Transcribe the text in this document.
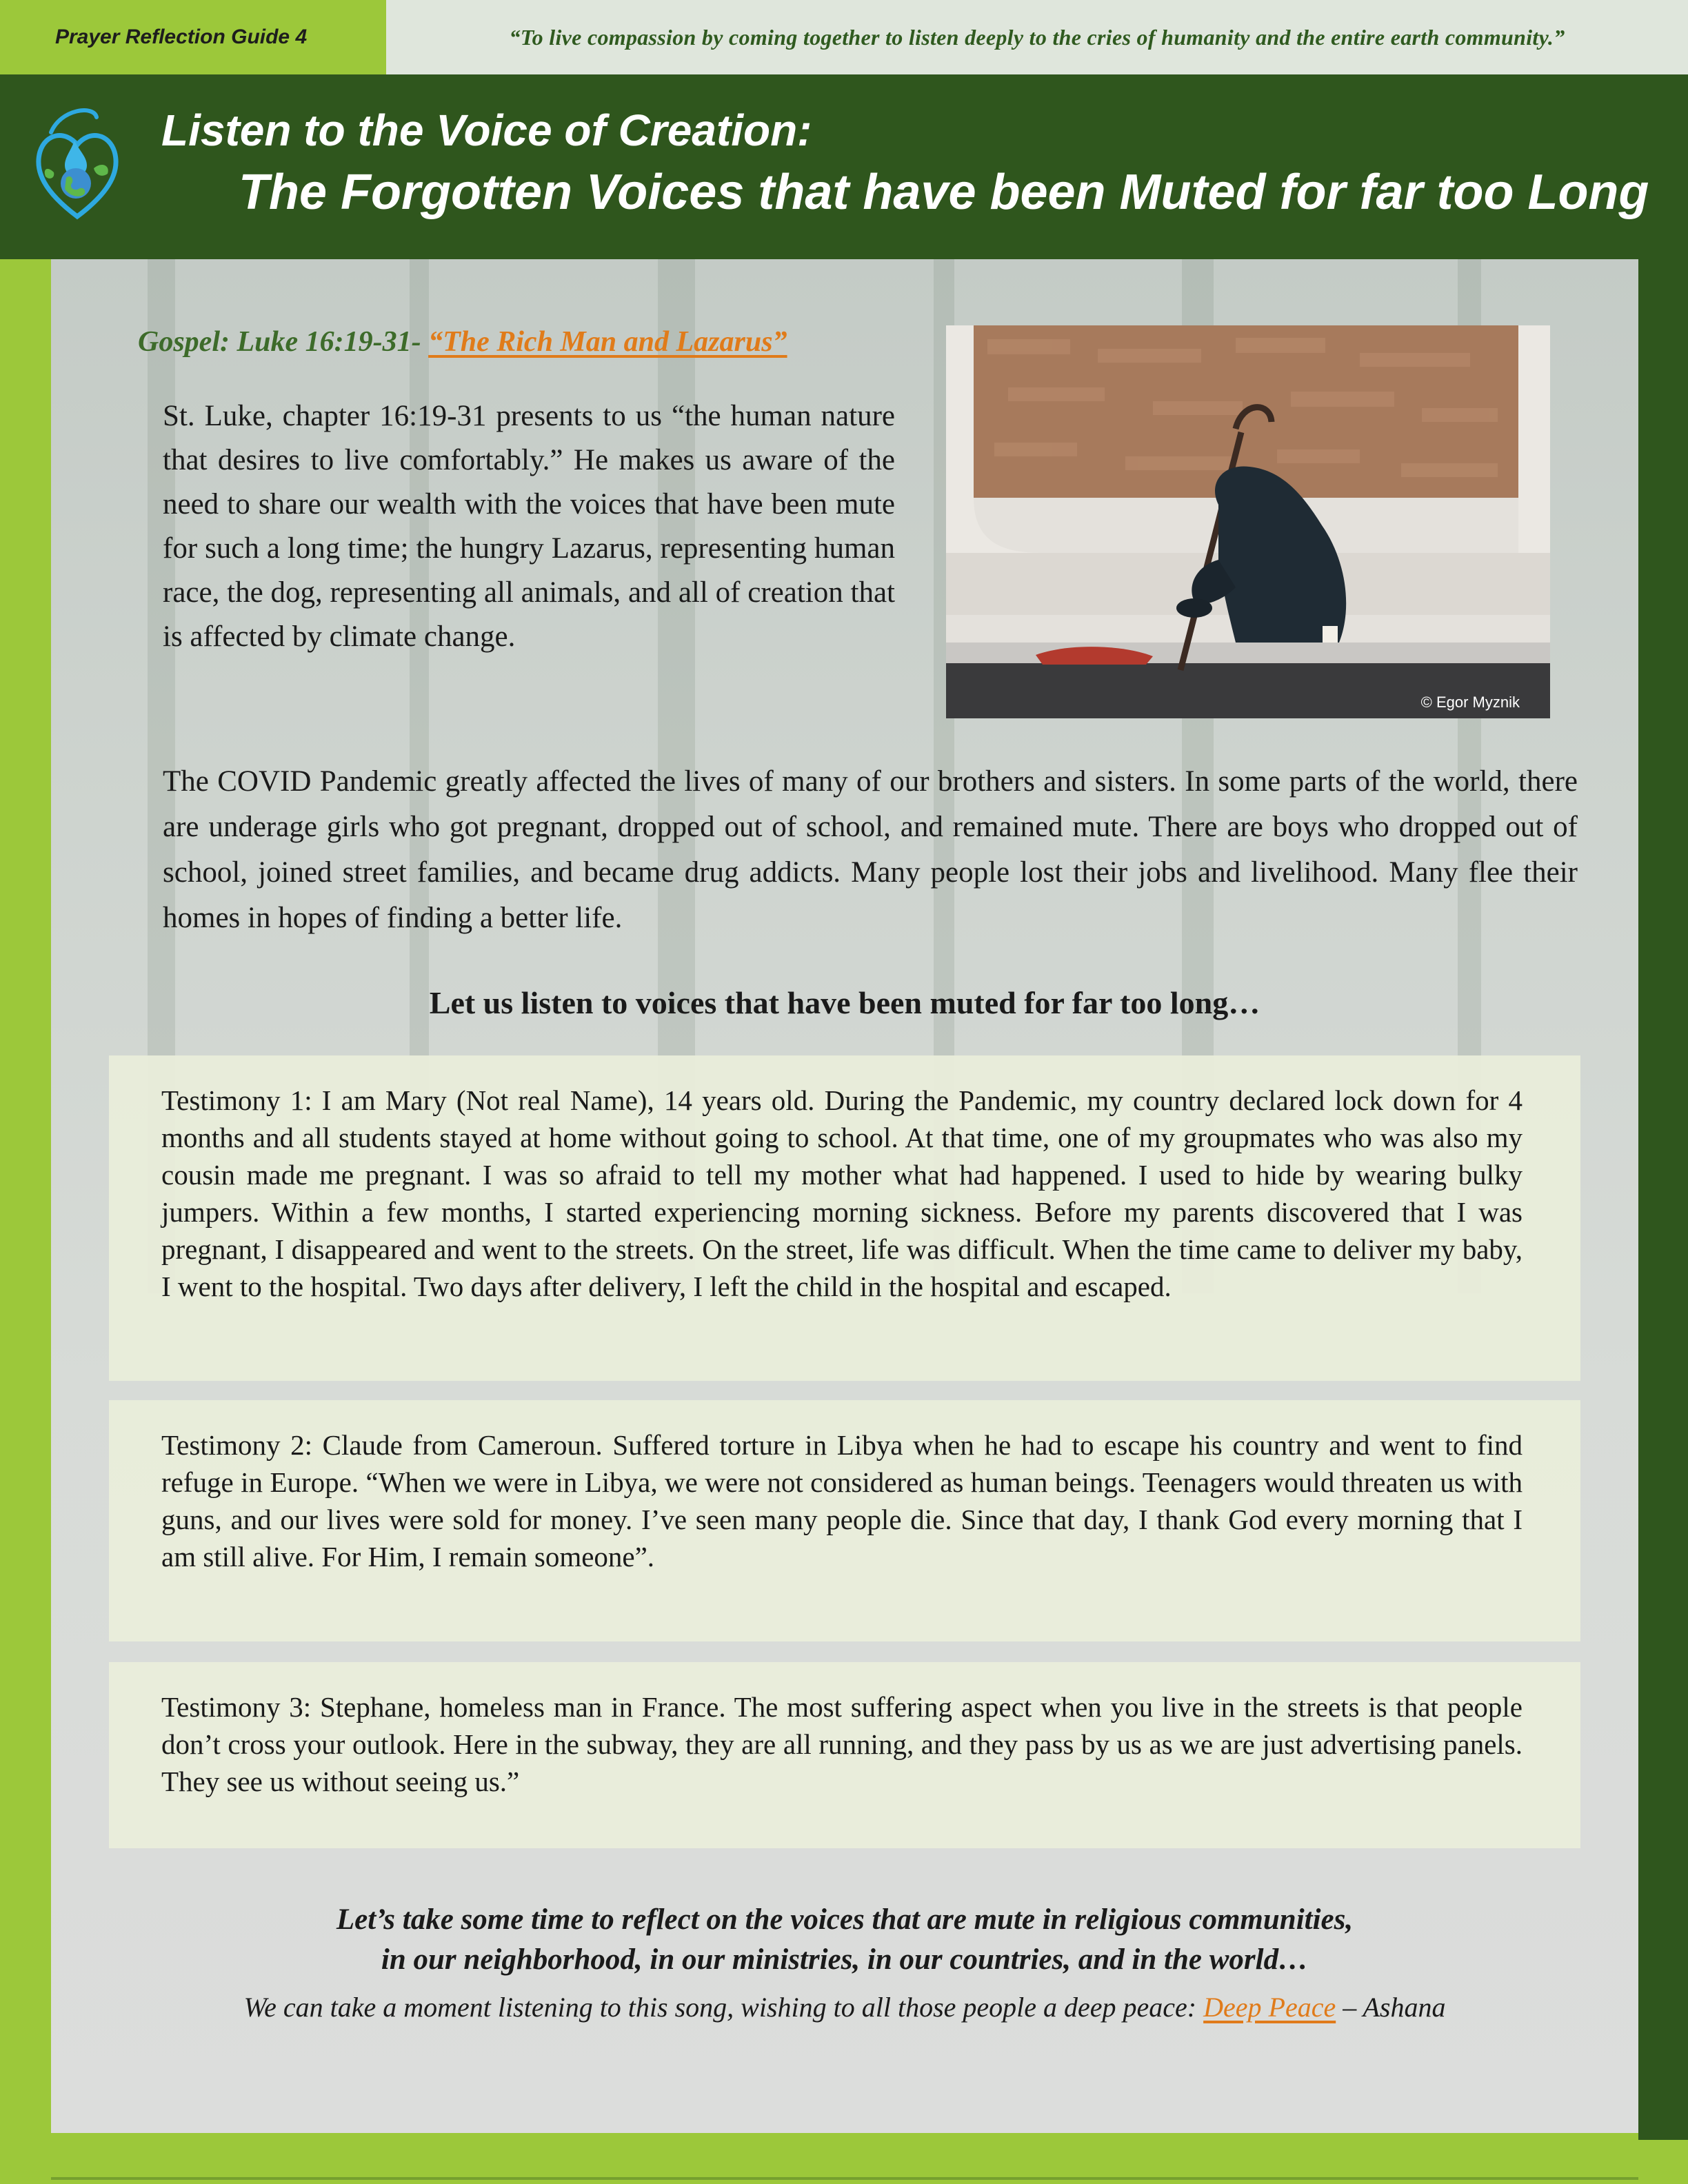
Prayer Reflection Guide 4	“To live compassion by coming together to listen deeply to the cries of humanity and the entire earth community.”
Listen to the Voice of Creation:
The Forgotten Voices that have been Muted for far too Long
Gospel: Luke 16:19-31- “The Rich Man and Lazarus”

St. Luke, chapter 16:19-31 presents to us “the human nature that desires to live comfortably.” He makes us aware of the need to share our wealth with the voices that have been mute for such a long time; the hungry Lazarus, representing human race, the dog, representing all animals, and all of creation that is affected by climate change.

© Egor Myznik

The COVID Pandemic greatly affected the lives of many of our brothers and sisters. In some parts of the world, there are underage girls who got pregnant, dropped out of school, and remained mute. There are boys who dropped out of school, joined street families, and became drug addicts. Many people lost their jobs and livelihood. Many flee their homes in hopes of finding a better life.

Let us listen to voices that have been muted for far too long…
Testimony 1: I am Mary (Not real Name), 14 years old. During the Pandemic, my country declared lock down for 4 months and all students stayed at home without going to school. At that time, one of my groupmates who was also my cousin made me pregnant. I was so afraid to tell my mother what had happened. I used to hide by wearing bulky jumpers. Within a few months, I started experiencing morning sickness. Before my parents discovered that I was pregnant, I disappeared and went to the streets. On the street, life was difficult. When the time came to deliver my baby, I went to the hospital. Two days after delivery, I left the child in the hospital and escaped.
Testimony 2: Claude from Cameroun. Suffered torture in Libya when he had to escape his country and went to find refuge in Europe. “When we were in Libya, we were not considered as human beings. Teenagers would threaten us with guns, and our lives were sold for money. I’ve seen many people die. Since that day, I thank God every morning that I am still alive. For Him, I remain someone”.
Testimony 3: Stephane, homeless man in France. The most suffering aspect when you live in the streets is that people don’t cross your outlook. Here in the subway, they are all running, and they pass by us as we are just advertising panels. They see us without seeing us.”
Let’s take some time to reflect on the voices that are mute in religious communities,
in our neighborhood, in our ministries, in our countries, and in the world…
We can take a moment listening to this song, wishing to all those people a deep peace: Deep Peace – Ashana
